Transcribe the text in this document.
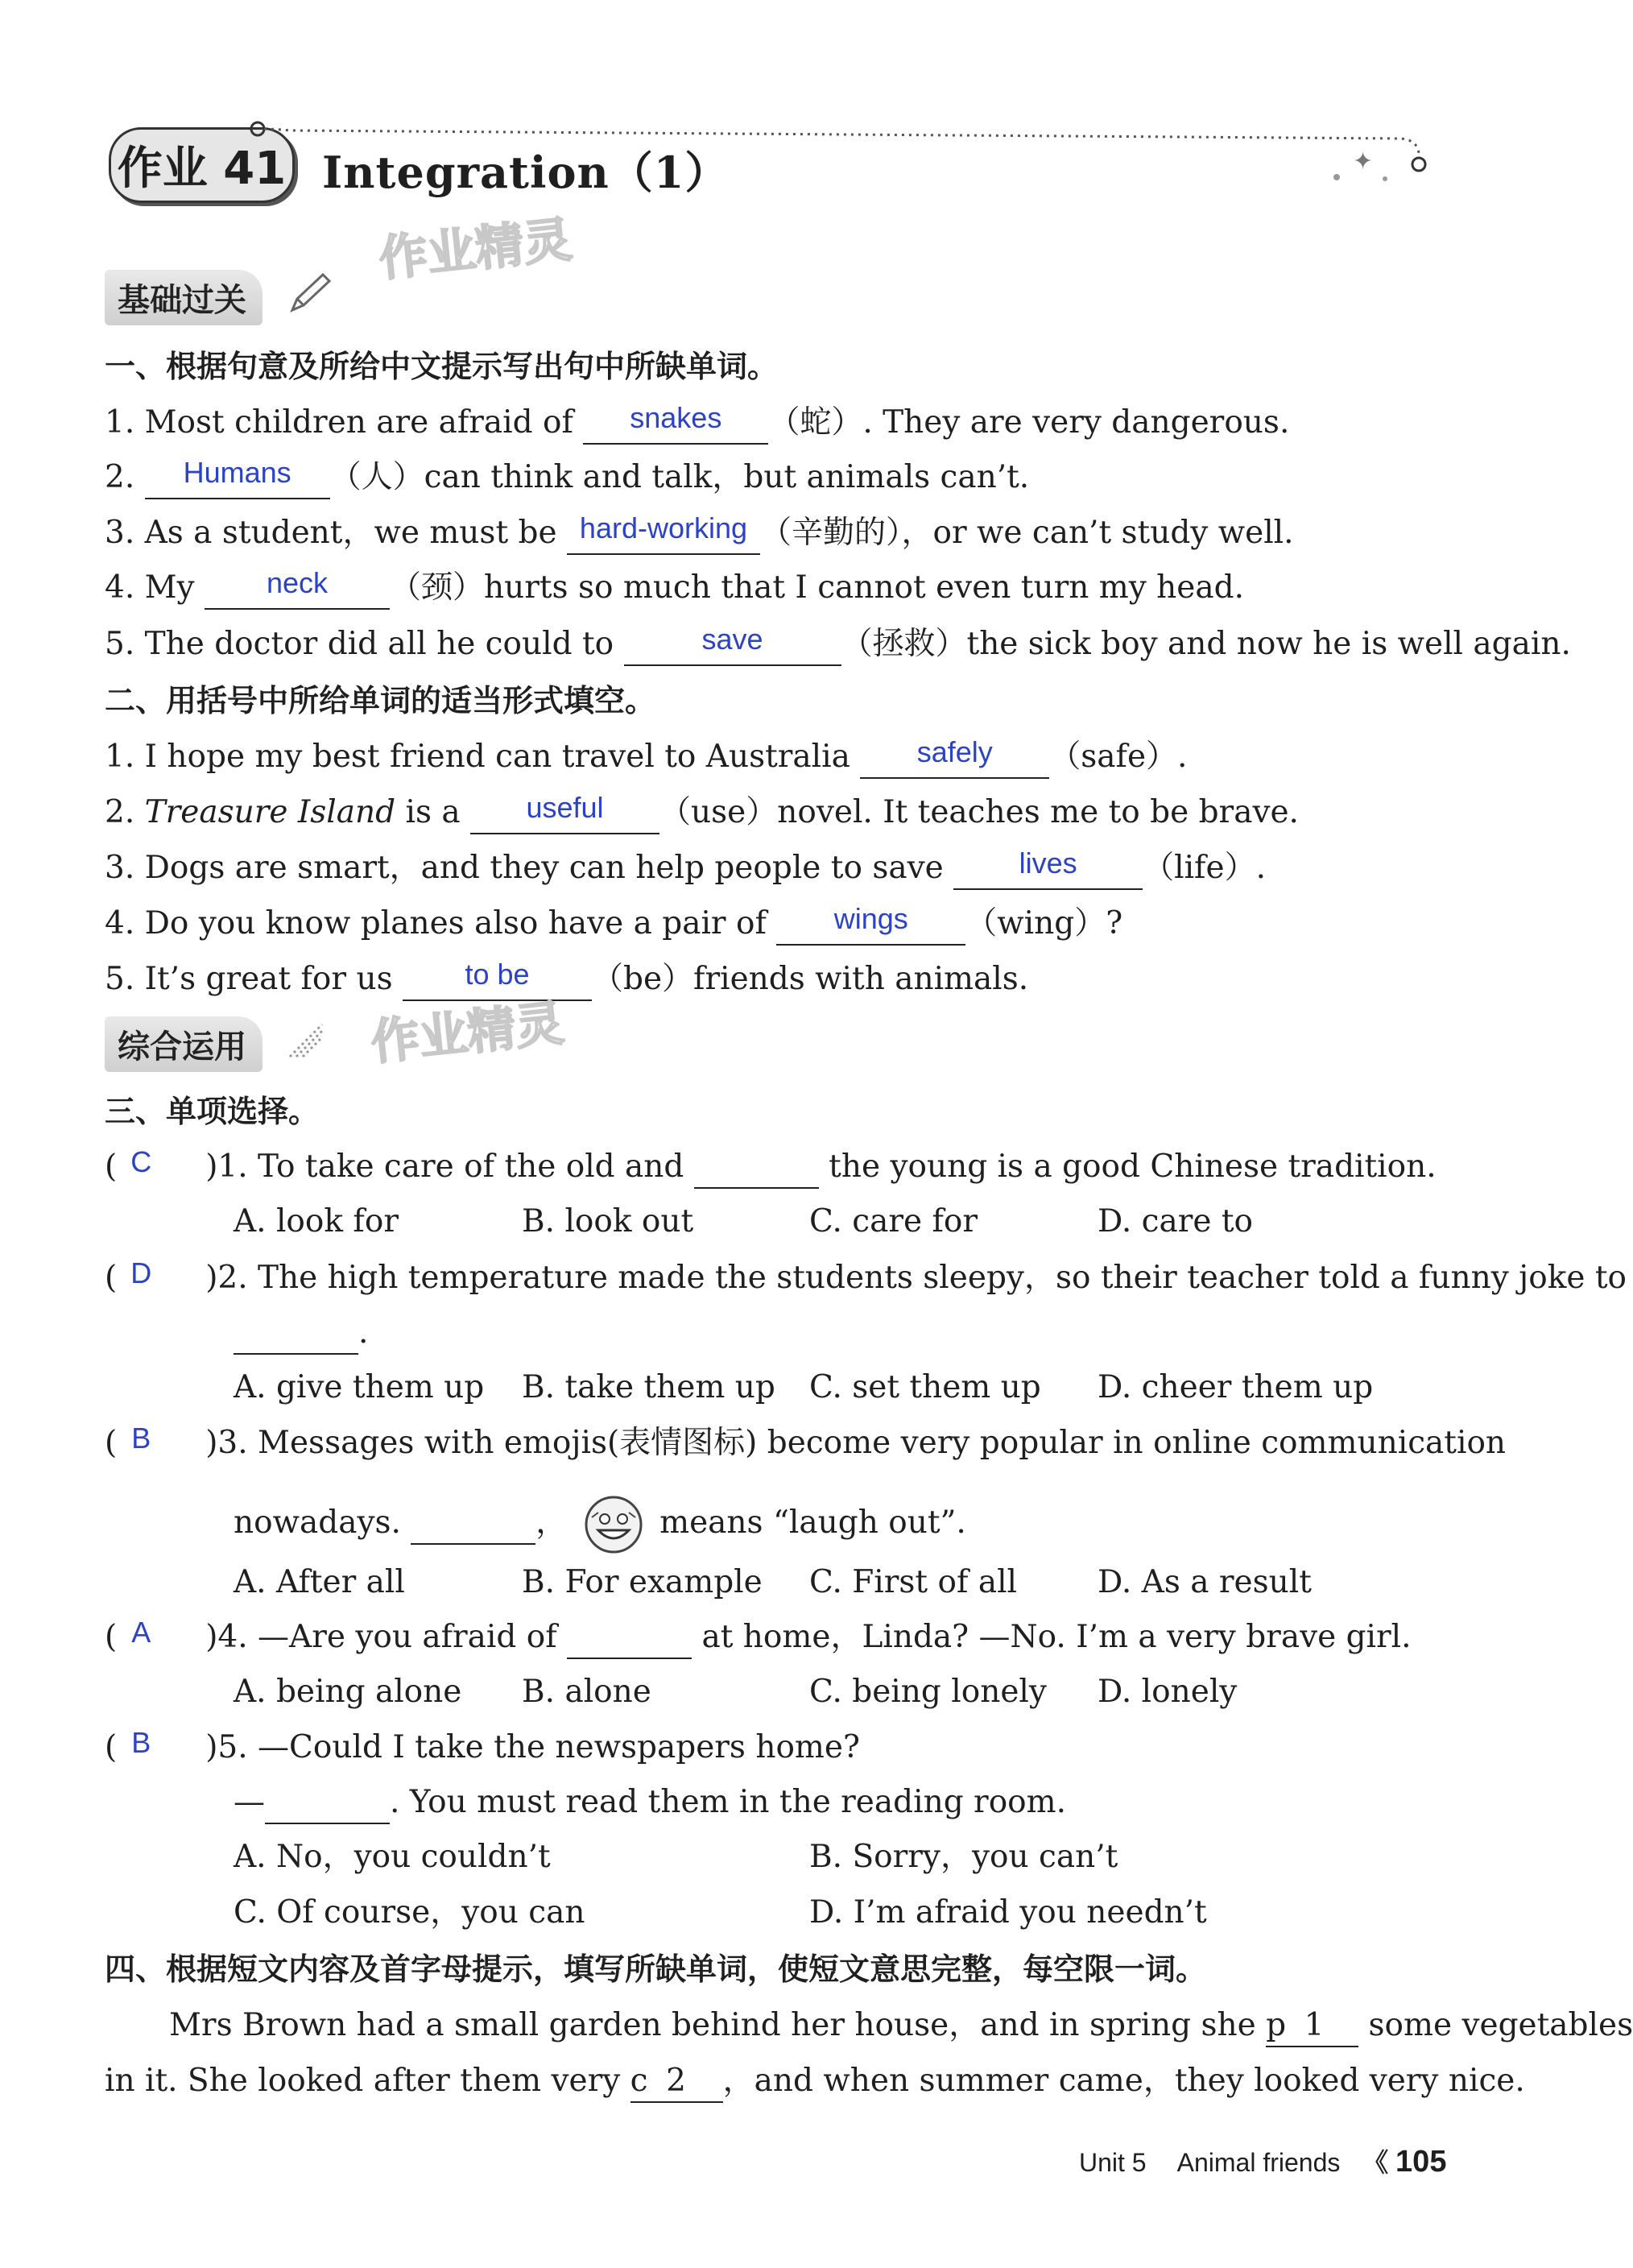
作业 41 Integration（1）	✦
作业精灵
基础过关
一、根据句意及所给中文提示写出句中所缺单词。
1. Most children are afraid of snakes （蛇）. They are very dangerous.
2. Humans （人）can think and talk，but animals can’t.
3. As a student，we must be hard-working （辛勤的），or we can’t study well.
4. My neck （颈）hurts so much that I cannot even turn my head.
5. The doctor did all he could to	save （拯救）the sick boy and now he is well again.
二、用括号中所给单词的适当形式填空。
1. I hope my best friend can travel to Australia safely （safe）.
2. Treasure Island is a useful （use）novel. It teaches me to be brave.
3. Dogs are smart，and they can help people to save lives （life）.
4. Do you know planes also have a pair of wings （wing）?
5. It’s great for us to be （be）friends with animals.
综合运用	作业精灵
三、单项选择。
( C )1. To take care of the old and	the young is a good Chinese tradition.
A. look for	B. look out	C. care for	D. care to
( D )2. The high temperature made the students sleepy，so their teacher told a funny joke to
.
A. give them up B. take them up C. set them up D. cheer them up
( B )3. Messages with emojis(表情图标) become very popular in online communication
nowadays.	，	means “laugh out”.
A. After all	B. For example C. First of all	D. As a result
( A )4. —Are you afraid of	at home，Linda? —No. I’m a very brave girl.
A. being alone B. alone	C. being lonely D. lonely
( B )5. —Could I take the newspapers home?
—	. You must read them in the reading room.
A. No，you couldn’t	B. Sorry，you can’t
C. Of course，you can	D. I’m afraid you needn’t
四、根据短文内容及首字母提示，填写所缺单词，使短文意思完整，每空限一词。
Mrs Brown had a small garden behind her house，and in spring she p 1 some vegetables
in it. She looked after them very c 2 ，and when summer came，they looked very nice.
Unit 5 Animal friends 《 105
